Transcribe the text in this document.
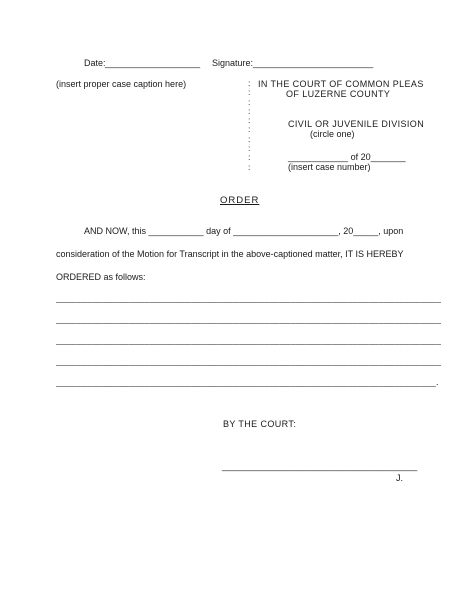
Date: ___________________ Signature: ________________________
(insert proper case caption here)	:
:
:
:
:
:
:
:
:
:
IN THE COURT OF COMMON PLEAS
OF LUZERNE COUNTY
CIVIL OR JUVENILE DIVISION
(circle one)
____________ of 20_______
(insert case number)
ORDER
AND NOW, this ___________ day of _____________________, 20_____, upon
consideration of the Motion for Transcript in the above-captioned matter, IT IS HEREBY
ORDERED as follows:
__________________________________________________________________________
__________________________________________________________________________
__________________________________________________________________________
__________________________________________________________________________
_________________________________________________________________________.
BY THE COURT:
_______________________________________
J.
